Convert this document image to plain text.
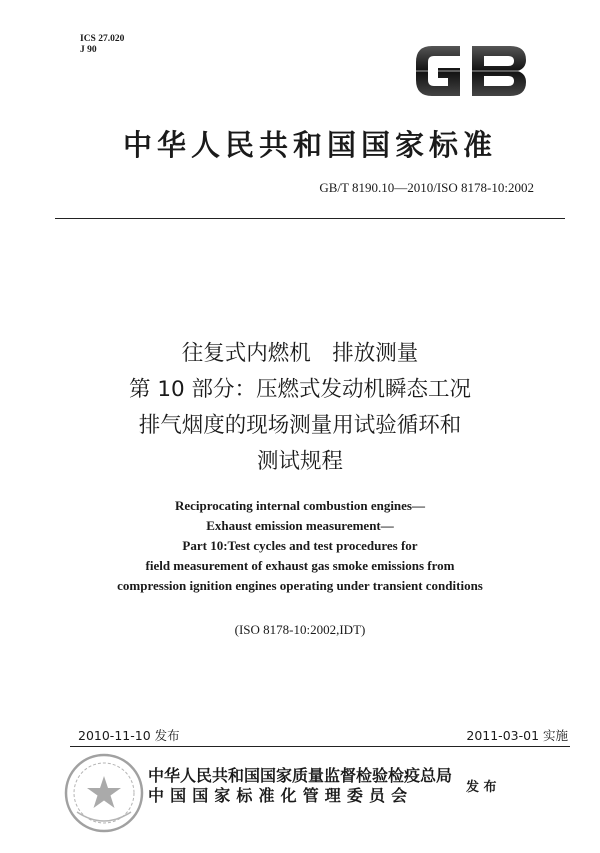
ICS 27.020
J 90
中华人民共和国国家标准
GB/T 8190.10—2010/ISO 8178-10:2002
往复式内燃机　排放测量
第 10 部分：压燃式发动机瞬态工况
排气烟度的现场测量用试验循环和
测试规程
Reciprocating internal combustion engines—
Exhaust emission measurement—
Part 10:Test cycles and test procedures for
field measurement of exhaust gas smoke emissions from
compression ignition engines operating under transient conditions
(ISO 8178-10:2002,IDT)
2010-11-10 发布	2011-03-01 实施
中华人民共和国国家质量监督检验检疫总局
中国国家标准化管理委员会	发 布
